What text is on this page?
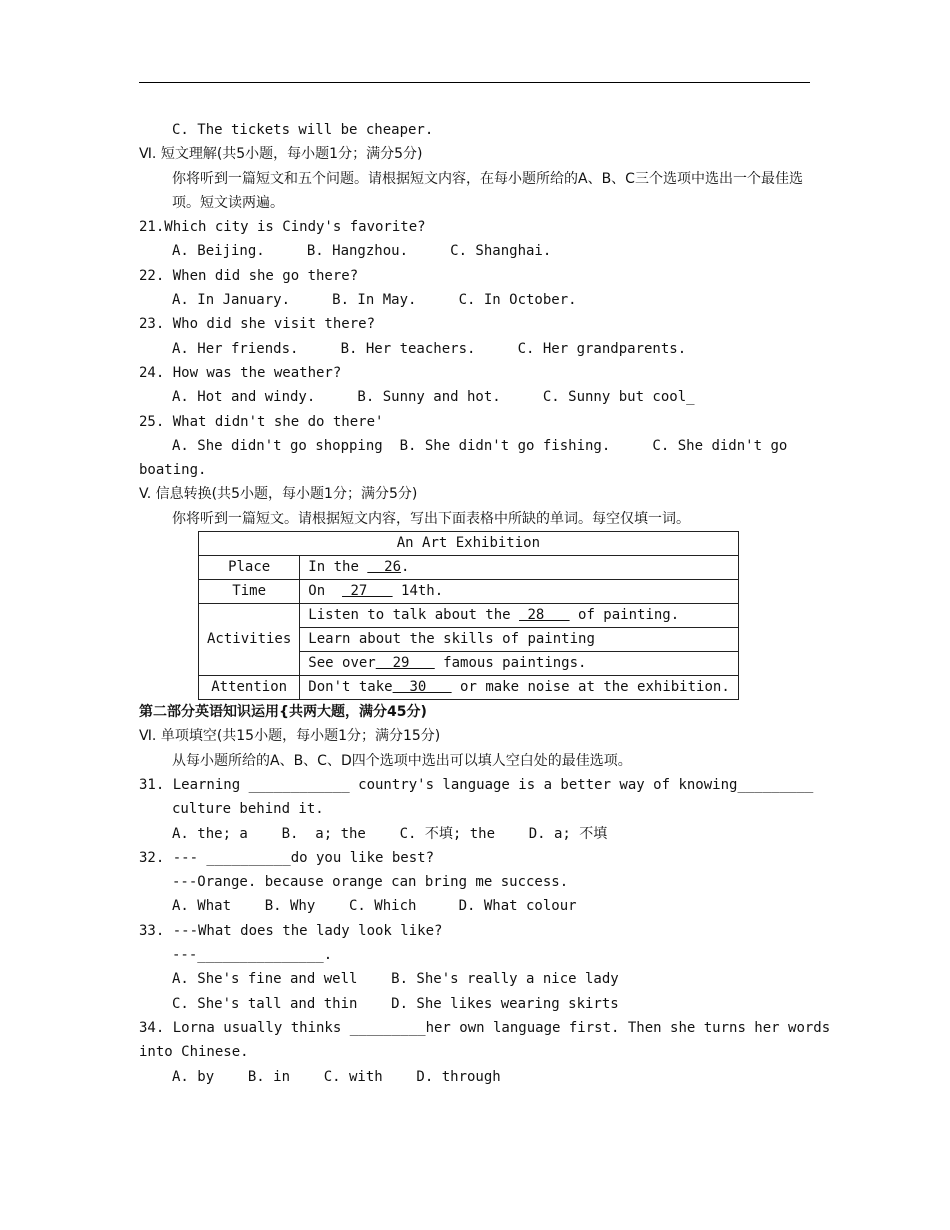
C. The tickets will be cheaper.
Ⅵ. 短文理解(共5小题，每小题1分；满分5分)
你将听到一篇短文和五个问题。请根据短文内容，在每小题所给的A、B、C三个选项中选出一个最佳选项。短文读两遍。
21.Which city is Cindy's favorite?
A. Beijing.     B. Hangzhou.     C. Shanghai.
22. When did she go there?
A. In January.     B. In May.     C. In October.
23. Who did she visit there?
A. Her friends.     B. Her teachers.     C. Her grandparents.
24. How was the weather?
A. Hot and windy.     B. Sunny and hot.     C. Sunny but cool_
25. What didn't she do there'
A. She didn't go shopping  B. She didn't go fishing.     C. She didn't go
boating.
V. 信息转换(共5小题，每小题1分；满分5分)
你将听到一篇短文。请根据短文内容，写出下面表格中所缺的单词。每空仅填一词。
An Art Exhibition	
Place	In the   26.
Time	On   27    14th.
Activities	Listen to talk about the  28    of painting.
	Learn about the skills of painting
	See over  29    famous paintings.
Attention	Don't take  30    or make noise at the exhibition.
第二部分英语知识运用{共两大题，满分45分)
Ⅵ. 单项填空(共15小题，每小题1分；满分15分)
从每小题所给的A、B、C、D四个选项中选出可以填人空白处的最佳选项。
31. Learning ____________ country's language is a better way of knowing_________
culture behind it.
A. the; a    B.  a; the    C. 不填; the    D. a; 不填
32. --- __________do you like best?
---Orange. because orange can bring me success.
A. What    B. Why    C. Which     D. What colour
33. ---What does the lady look like?
---_______________.
A. She's fine and well    B. She's really a nice lady
C. She's tall and thin    D. She likes wearing skirts
34. Lorna usually thinks _________her own language first. Then she turns her words
into Chinese.
A. by    B. in    C. with    D. through
